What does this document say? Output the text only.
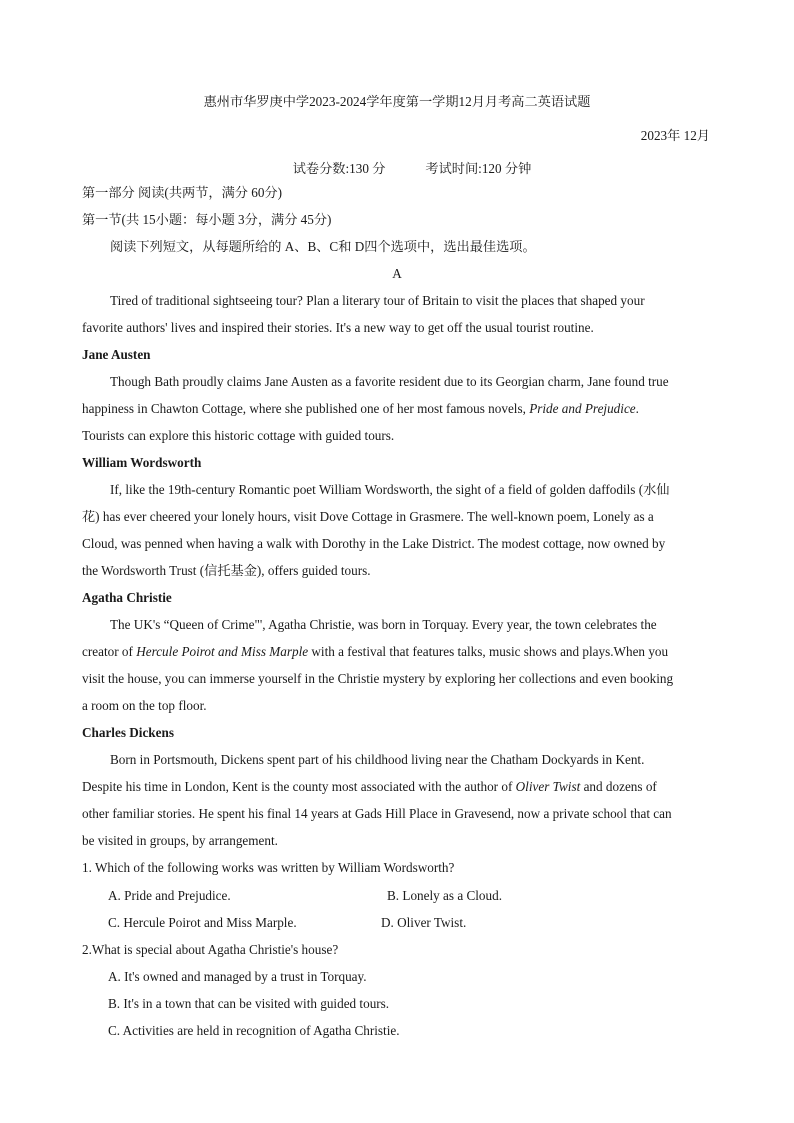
惠州市华罗庚中学2023-2024学年度第一学期12月月考高二英语试题
2023年 12月
试卷分数:130 分	考试时间:120 分钟
第一部分 阅读(共两节，满分 60分)
第一节(共 15小题：每小题 3分，满分 45分)
阅读下列短文，从每题所给的 A、B、C和 D四个选项中，选出最佳选项。
A
Tired of traditional sightseeing tour? Plan a literary tour of Britain to visit the places that shaped your
favorite authors' lives and inspired their stories. It's a new way to get off the usual tourist routine.
Jane Austen
Though Bath proudly claims Jane Austen as a favorite resident due to its Georgian charm, Jane found true
happiness in Chawton Cottage, where she published one of her most famous novels, Pride and Prejudice.
Tourists can explore this historic cottage with guided tours.
William Wordsworth
If, like the 19th-century Romantic poet William Wordsworth, the sight of a field of golden daffodils (水仙
花) has ever cheered your lonely hours, visit Dove Cottage in Grasmere. The well-known poem, Lonely as a
Cloud, was penned when having a walk with Dorothy in the Lake District. The modest cottage, now owned by
the Wordsworth Trust (信托基金), offers guided tours.
Agatha Christie
The UK's “Queen of Crime"', Agatha Christie, was born in Torquay. Every year, the town celebrates the
creator of Hercule Poirot and Miss Marple with a festival that features talks, music shows and plays.When you
visit the house, you can immerse yourself in the Christie mystery by exploring her collections and even booking
a room on the top floor.
Charles Dickens
Born in Portsmouth, Dickens spent part of his childhood living near the Chatham Dockyards in Kent.
Despite his time in London, Kent is the county most associated with the author of Oliver Twist and dozens of
other familiar stories. He spent his final 14 years at Gads Hill Place in Gravesend, now a private school that can
be visited in groups, by arrangement.
1. Which of the following works was written by William Wordsworth?
A. Pride and Prejudice.	B. Lonely as a Cloud.
C. Hercule Poirot and Miss Marple.	D. Oliver Twist.
2.What is special about Agatha Christie's house?
A. It's owned and managed by a trust in Torquay.
B. It's in a town that can be visited with guided tours.
C. Activities are held in recognition of Agatha Christie.
